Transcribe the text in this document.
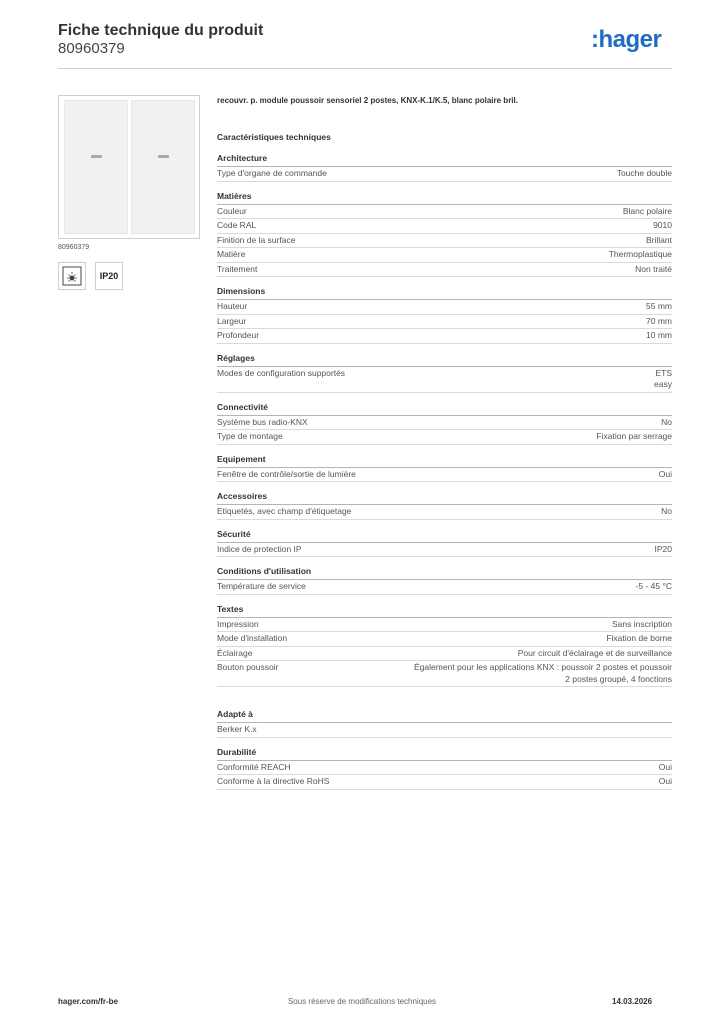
Fiche technique du produit
80960379	:hager
80960379
IP20
recouvr. p. module poussoir sensoriel 2 postes, KNX-K.1/K.5, blanc polaire bril.
Caractéristiques techniques
Architecture
Type d'organe de commande	Touche double
Matières
Couleur	Blanc polaire
Code RAL	9010
Finition de la surface	Brillant
Matière	Thermoplastique
Traitement	Non traité
Dimensions
Hauteur	55 mm
Largeur	70 mm
Profondeur	10 mm
Réglages
Modes de configuration supportés	ETS
easy
Connectivité
Système bus radio-KNX	No
Type de montage	Fixation par serrage
Equipement
Fenêtre de contrôle/sortie de lumière	Oui
Accessoires
Etiquetés, avec champ d'étiquetage	No
Sécurité
Indice de protection IP	IP20
Conditions d'utilisation
Température de service	-5 - 45 °C
Textes
Impression	Sans inscription
Mode d'installation	Fixation de borne
Éclairage	Pour circuit d'éclairage et de surveillance
Bouton poussoir	Également pour les applications KNX : poussoir 2 postes et poussoir
2 postes groupé, 4 fonctions
Adapté à
Berker K.x
Durabilité
Conformité REACH	Oui
Conforme à la directive RoHS	Oui
hager.com/fr-be	Sous réserve de modifications techniques	14.03.2026
